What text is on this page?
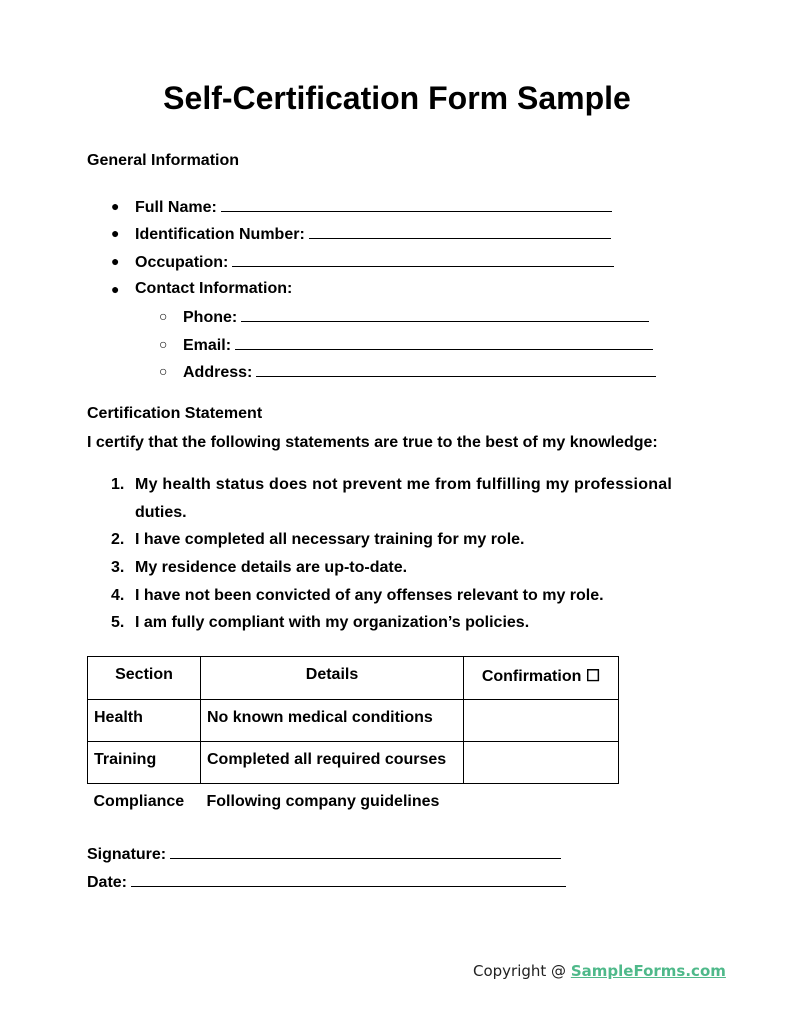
Self-Certification Form Sample
General Information
● Full Name:
● Identification Number:
● Occupation:
● Contact Information:
○ Phone:
○ Email:
○ Address:
Certification Statement
I certify that the following statements are true to the best of my knowledge:
1. My health status does not prevent me from fulfilling my professional
duties.
2. I have completed all necessary training for my role.
3. My residence details are up-to-date.
4. I have not been convicted of any offenses relevant to my role.
5. I am fully compliant with my organization’s policies.
Section	Details	Confirmation ☐
Health	No known medical conditions	
Training	Completed all required courses	
Compliance	Following company guidelines	
Signature:
Date:
Copyright @ SampleForms.com
